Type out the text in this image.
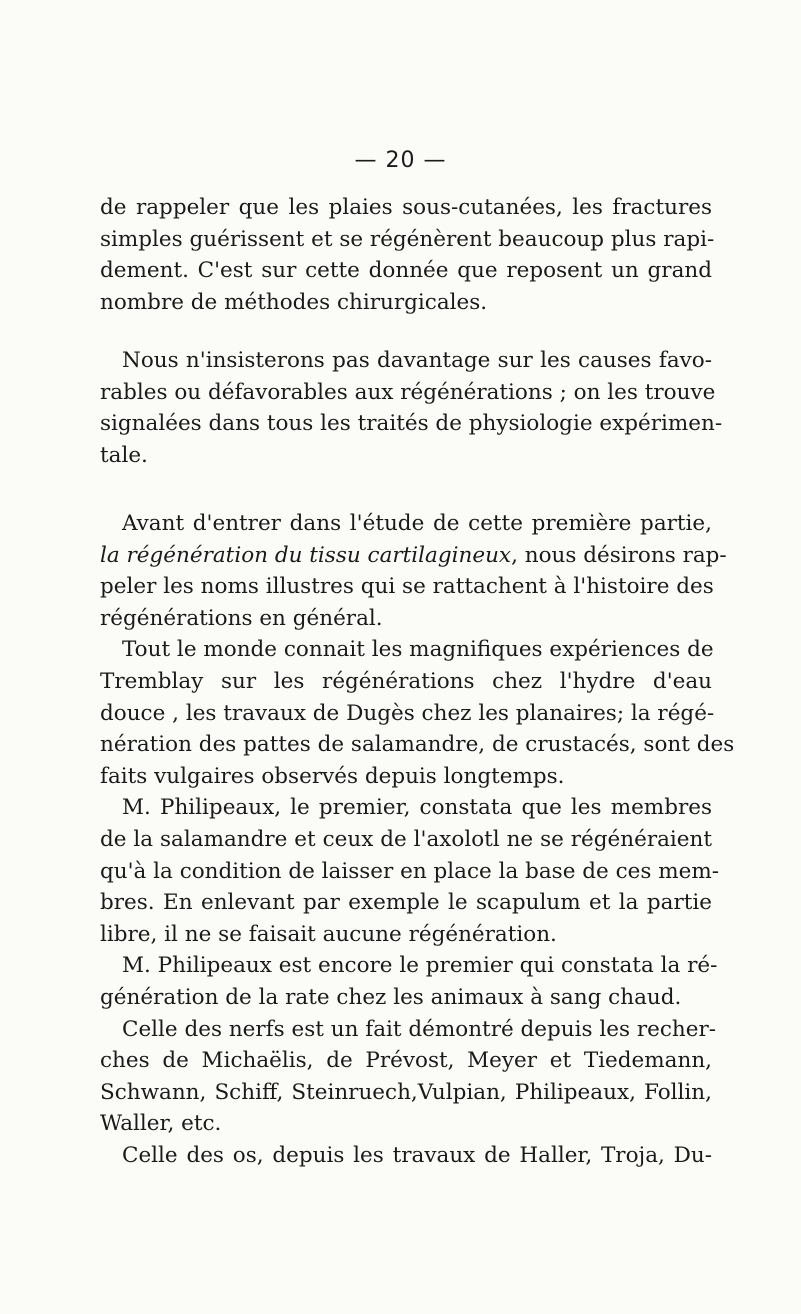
— 20 —
de rappeler que les plaies sous-cutanées, les fractures
simples guérissent et se régénèrent beaucoup plus rapi-
dement. C'est sur cette donnée que reposent un grand
nombre de méthodes chirurgicales.
Nous n'insisterons pas davantage sur les causes favo-
rables ou défavorables aux régénérations ; on les trouve
signalées dans tous les traités de physiologie expérimen-
tale.
Avant d'entrer dans l'étude de cette première partie,
la régénération du tissu cartilagineux, nous désirons rap-
peler les noms illustres qui se rattachent à l'histoire des
régénérations en général.
Tout le monde connait les magnifiques expériences de
Tremblay sur les régénérations chez l'hydre d'eau
douce , les travaux de Dugès chez les planaires; la régé-
nération des pattes de salamandre, de crustacés, sont des
faits vulgaires observés depuis longtemps.
M. Philipeaux, le premier, constata que les membres
de la salamandre et ceux de l'axolotl ne se régénéraient
qu'à la condition de laisser en place la base de ces mem-
bres. En enlevant par exemple le scapulum et la partie
libre, il ne se faisait aucune régénération.
M. Philipeaux est encore le premier qui constata la ré-
génération de la rate chez les animaux à sang chaud.
Celle des nerfs est un fait démontré depuis les recher-
ches de Michaëlis, de Prévost, Meyer et Tiedemann,
Schwann, Schiff, Steinruech,Vulpian, Philipeaux, Follin,
Waller, etc.
Celle des os, depuis les travaux de Haller, Troja, Du-
